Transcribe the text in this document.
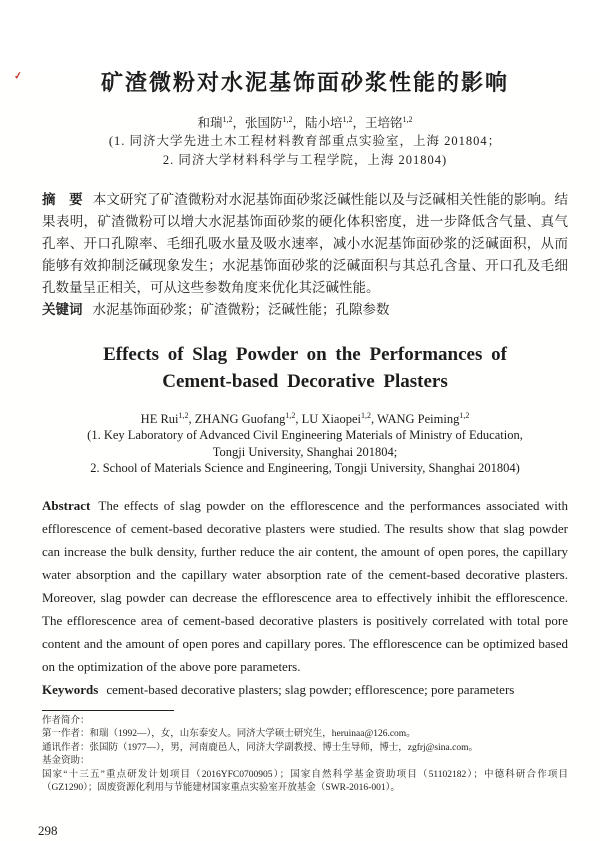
✓	矿渣微粉对水泥基饰面砂浆性能的影响
和瑞$^{1,2}$，张国防$^{1,2}$，陆小培$^{1,2}$，王培铭$^{1,2}$
(1. 同济大学先进土木工程材料教育部重点实验室，上海 201804；
2. 同济大学材料科学与工程学院，上海 201804)

摘　要 本文研究了矿渣微粉对水泥基饰面砂浆泛碱性能以及与泛碱相关性能的影响。结果表明，矿渣微粉可以增大水泥基饰面砂浆的硬化体积密度，进一步降低含气量、真气孔率、开口孔隙率、毛细孔吸水量及吸水速率，减小水泥基饰面砂浆的泛碱面积，从而能够有效抑制泛碱现象发生；水泥基饰面砂浆的泛碱面积与其总孔含量、开口孔及毛细孔数量呈正相关，可从这些参数角度来优化其泛碱性能。

关键词 水泥基饰面砂浆；矿渣微粉；泛碱性能；孔隙参数

Effects of Slag Powder on the Performances of
Cement-based Decorative Plasters
HE Rui$^{1,2}$, ZHANG Guofang$^{1,2}$, LU Xiaopei$^{1,2}$, WANG Peiming$^{1,2}$
(1. Key Laboratory of Advanced Civil Engineering Materials of Ministry of Education,
Tongji University, Shanghai 201804;
2. School of Materials Science and Engineering, Tongji University, Shanghai 201804)

Abstract The effects of slag powder on the efflorescence and the performances associated with efflorescence of cement-based decorative plasters were studied. The results show that slag powder can increase the bulk density, further reduce the air content, the amount of open pores, the capillary water absorption and the capillary water absorption rate of the cement-based decorative plasters. Moreover, slag powder can decrease the efflorescence area to effectively inhibit the efflorescence. The efflorescence area of cement-based decorative plasters is positively correlated with total pore content and the amount of open pores and capillary pores. The efflorescence can be optimized based on the optimization of the above pore parameters.

Keywords cement-based decorative plasters; slag powder; efflorescence; pore parameters

作者简介：

第一作者：和瑞（1992—），女，山东泰安人。同济大学硕士研究生，heruinaa@126.com。

通讯作者：张国防（1977—），男，河南鹿邑人，同济大学副教授、博士生导师，博士，zgfrj@sina.com。

基金资助：

国家“十三五”重点研发计划项目（2016YFC0700905）；国家自然科学基金资助项目（51102182）；中德科研合作项目（GZ1290）；固废资源化利用与节能建材国家重点实验室开放基金（SWR-2016-001）。

298
